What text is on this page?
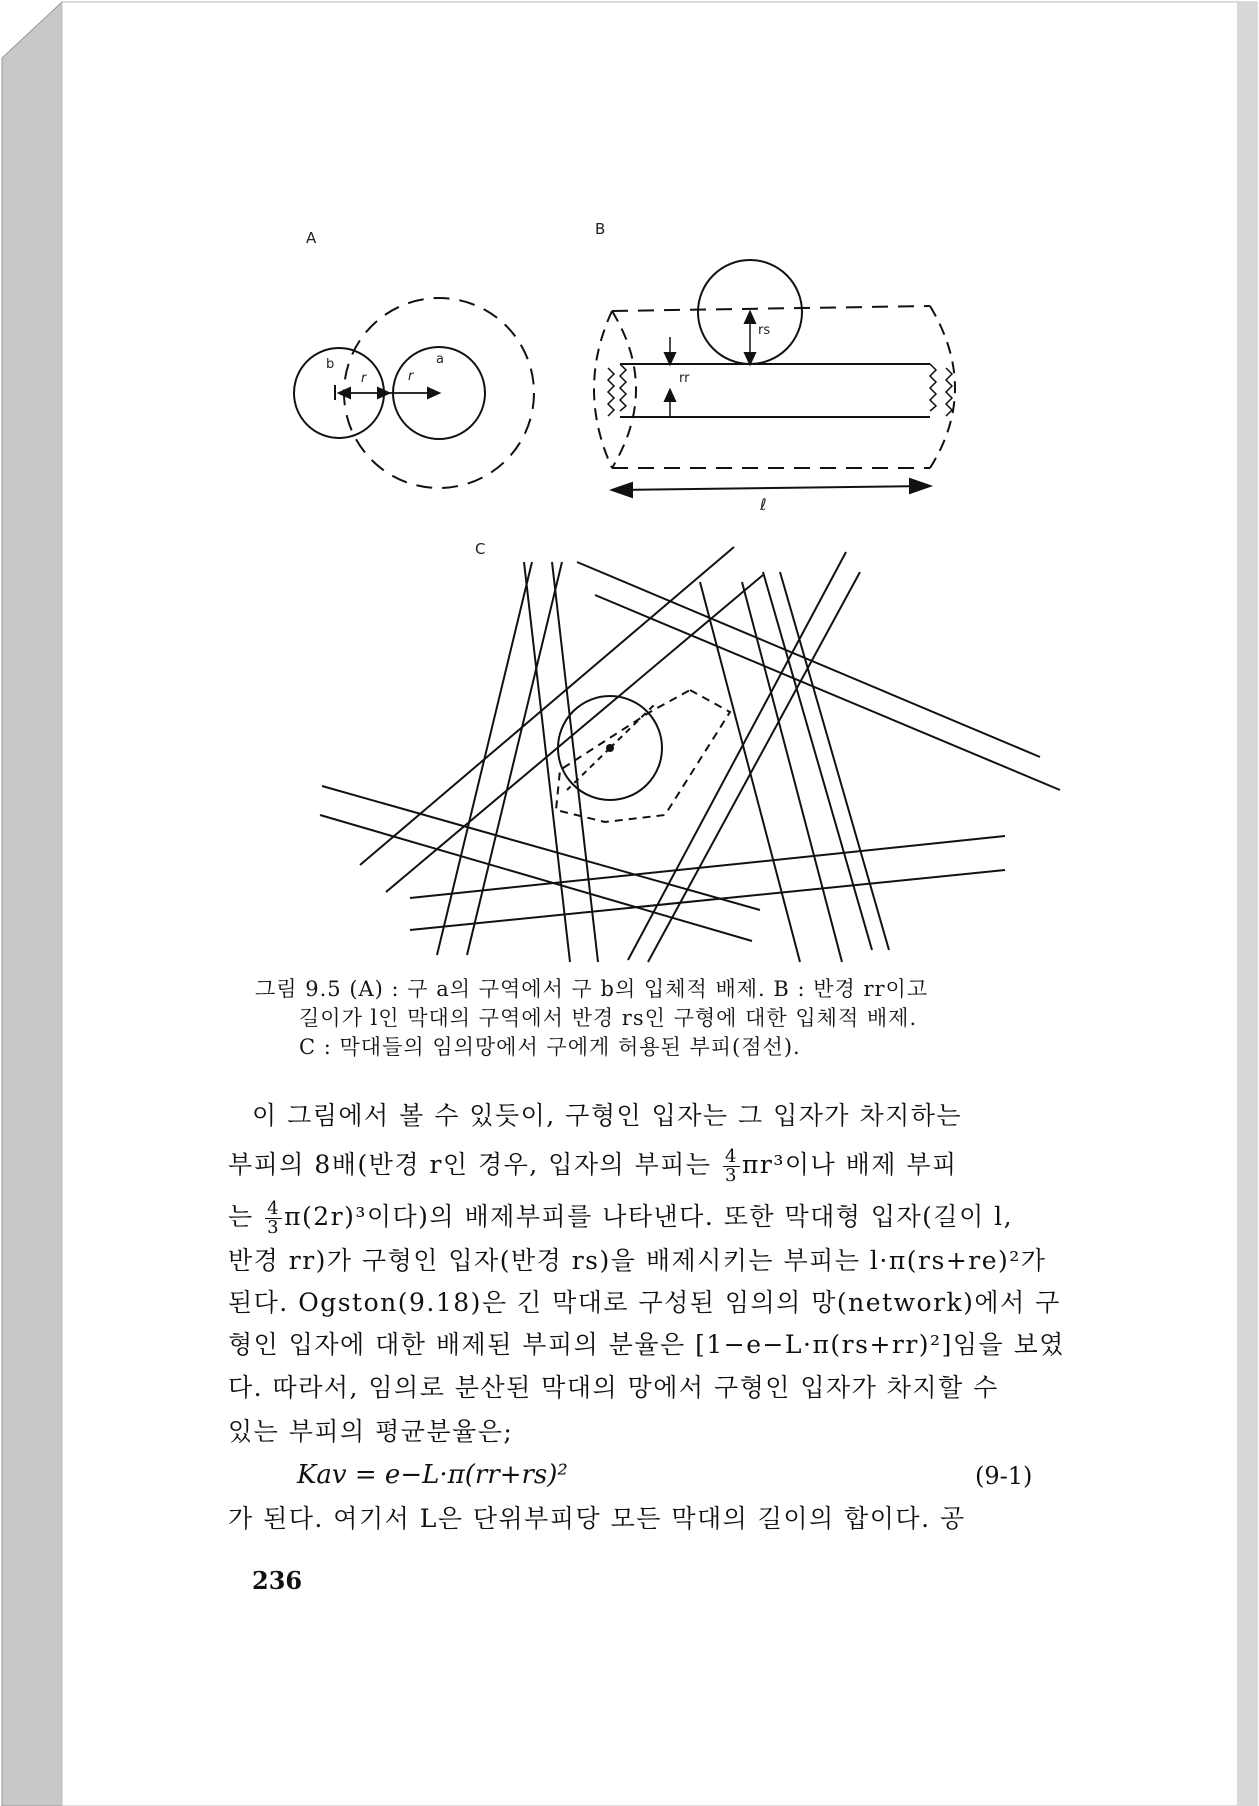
A	B
C
b	a
r	r
rs
rr
ℓ
그림 9.5 (A) : 구 a의 구역에서 구 b의 입체적 배제. B : 반경 rr이고
길이가 l인 막대의 구역에서 반경 rs인 구형에 대한 입체적 배제.
C : 막대들의 임의망에서 구에게 허용된 부피(점선).
이 그림에서 볼 수 있듯이, 구형인 입자는 그 입자가 차지하는
부피의 8배(반경 r인 경우, 입자의 부피는 $\frac{4}{3} \pi r^3$이나 배제 부피
는 $\frac{4}{3} \pi(2r)^3$이다)의 배제부피를 나타낸다. 또한 막대형 입자(길이 l,
반경 rr)가 구형인 입자(반경 rs)을 배제시키는 부피는 l·π(rs+re)²가
된다. Ogston(9.18)은 긴 막대로 구성된 임의의 망(network)에서 구
형인 입자에 대한 배제된 부피의 분율은 [1−e−L·π(rs+rr)²]임을 보였
다. 따라서, 임의로 분산된 막대의 망에서 구형인 입자가 차지할 수
있는 부피의 평균분율은;
Kav = e−L·π(rr+rs)²	(9-1)
가 된다. 여기서 L은 단위부피당 모든 막대의 길이의 합이다. 공
236
